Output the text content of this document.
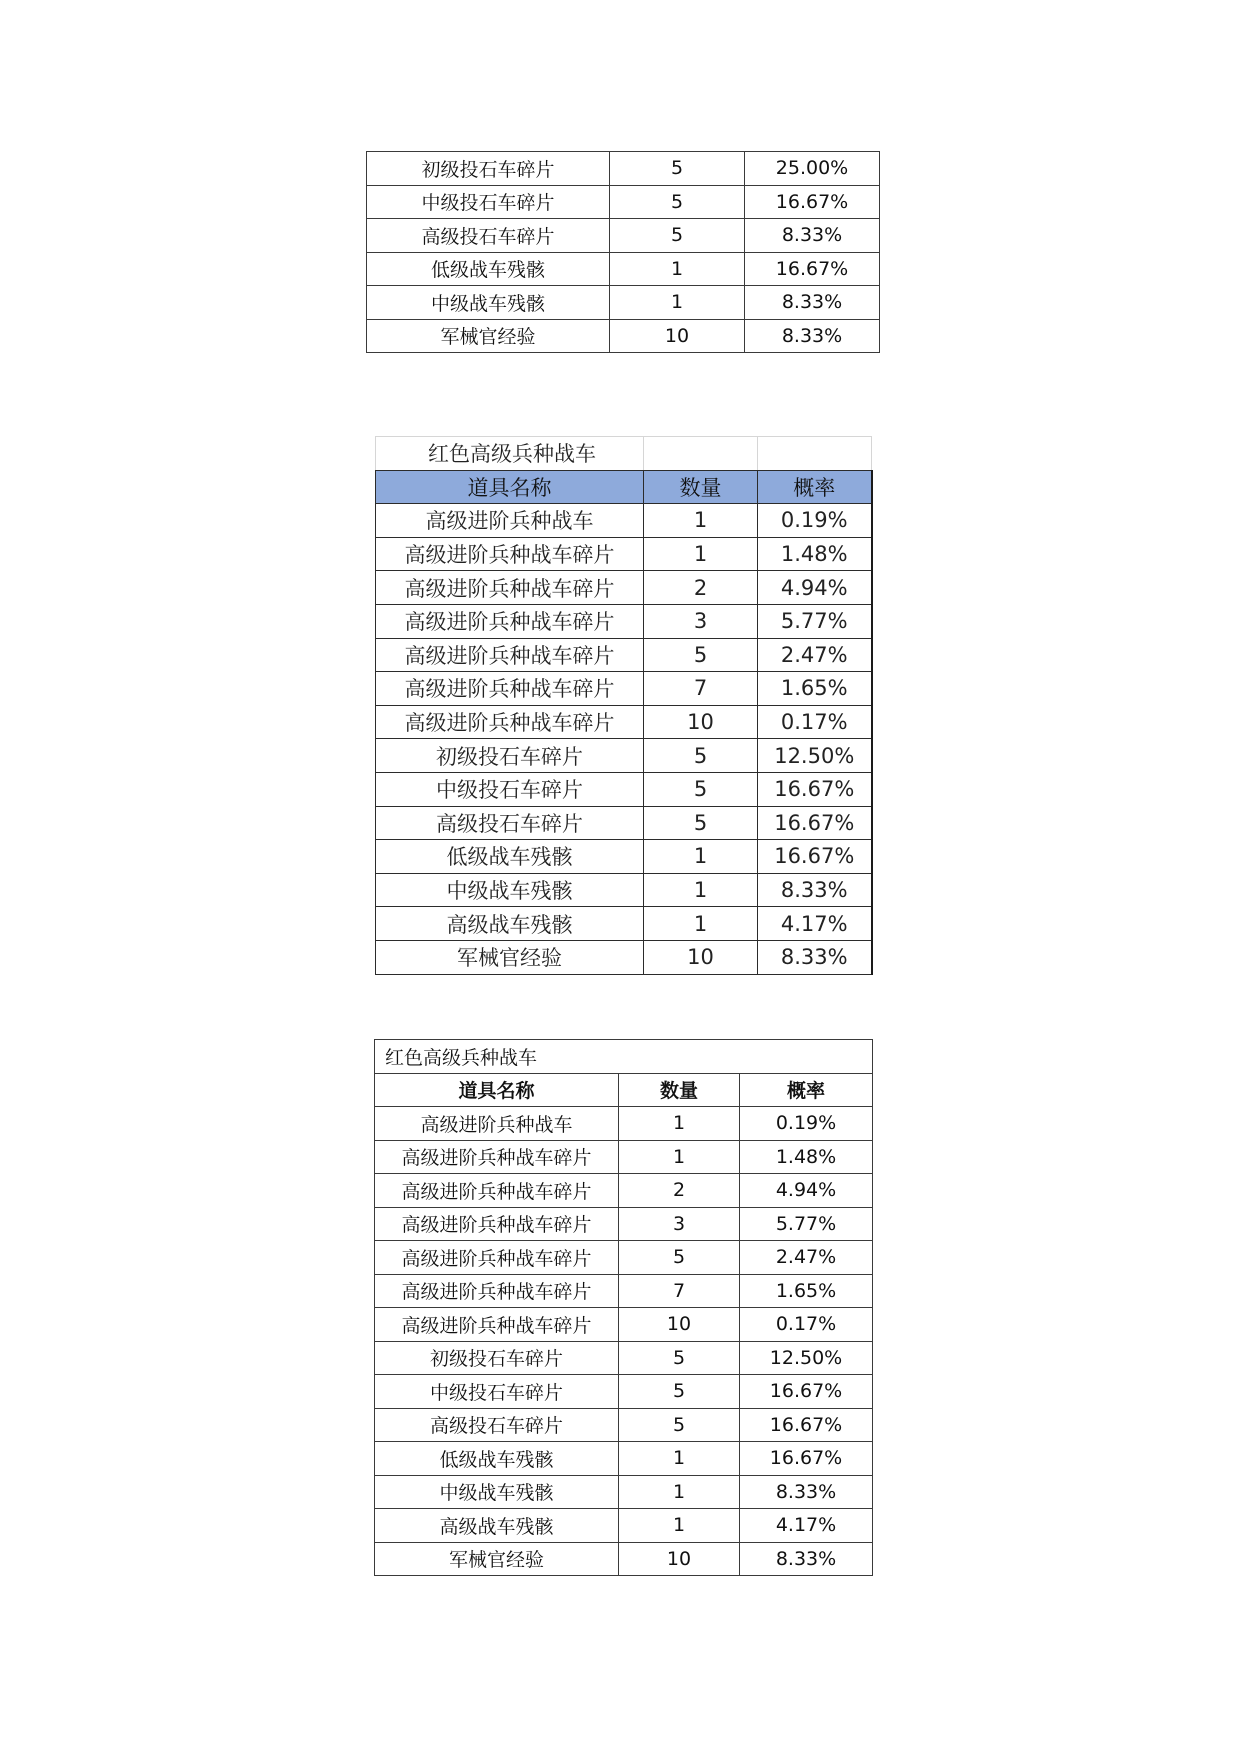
初级投石车碎片	5	25.00%
中级投石车碎片	5	16.67%
高级投石车碎片	5	8.33%
低级战车残骸	1	16.67%
中级战车残骸	1	8.33%
军械官经验	10	8.33%
红色高级兵种战车		
道具名称	数量	概率
高级进阶兵种战车	1	0.19%
高级进阶兵种战车碎片	1	1.48%
高级进阶兵种战车碎片	2	4.94%
高级进阶兵种战车碎片	3	5.77%
高级进阶兵种战车碎片	5	2.47%
高级进阶兵种战车碎片	7	1.65%
高级进阶兵种战车碎片	10	0.17%
初级投石车碎片	5	12.50%
中级投石车碎片	5	16.67%
高级投石车碎片	5	16.67%
低级战车残骸	1	16.67%
中级战车残骸	1	8.33%
高级战车残骸	1	4.17%
军械官经验	10	8.33%
红色高级兵种战车		
道具名称	数量	概率
高级进阶兵种战车	1	0.19%
高级进阶兵种战车碎片	1	1.48%
高级进阶兵种战车碎片	2	4.94%
高级进阶兵种战车碎片	3	5.77%
高级进阶兵种战车碎片	5	2.47%
高级进阶兵种战车碎片	7	1.65%
高级进阶兵种战车碎片	10	0.17%
初级投石车碎片	5	12.50%
中级投石车碎片	5	16.67%
高级投石车碎片	5	16.67%
低级战车残骸	1	16.67%
中级战车残骸	1	8.33%
高级战车残骸	1	4.17%
军械官经验	10	8.33%
